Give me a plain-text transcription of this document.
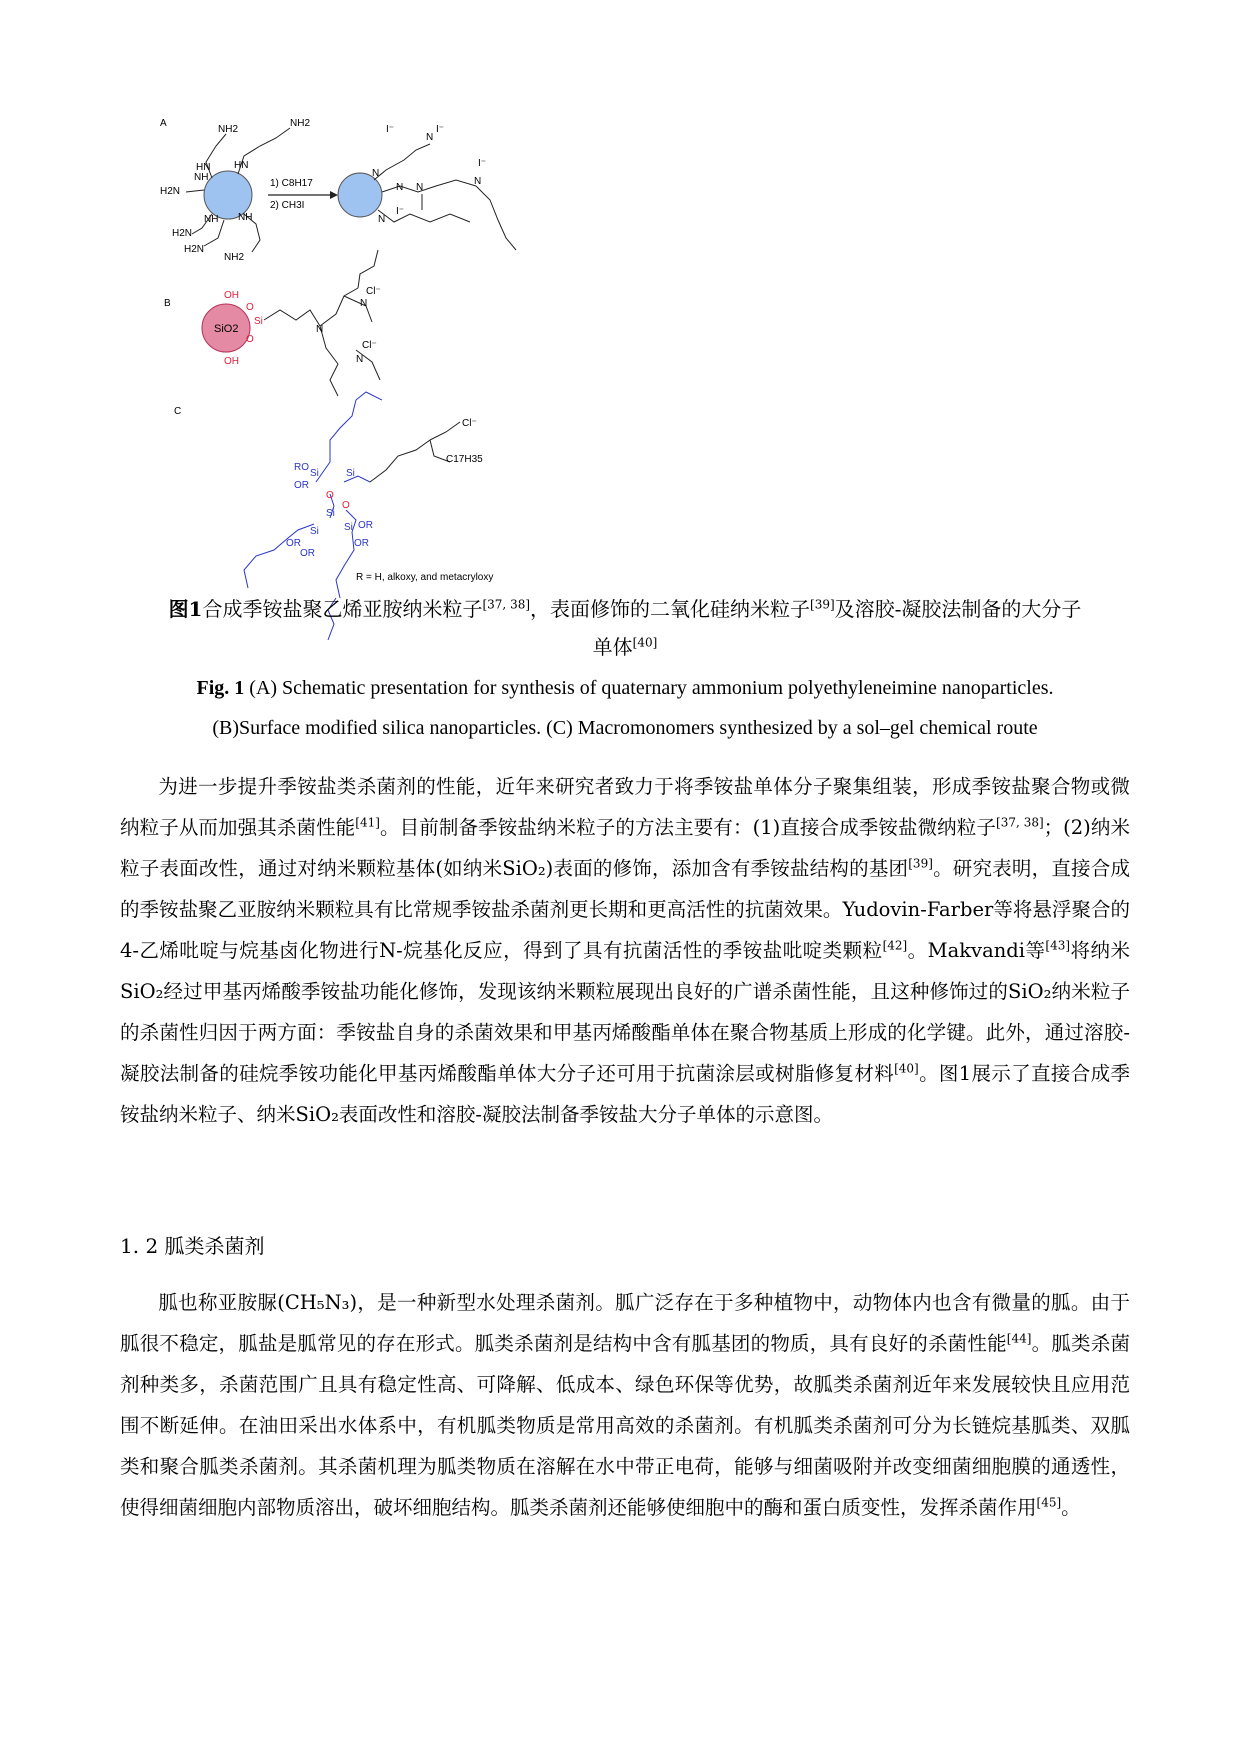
A
NH2
NH2
H2N
H2N
H2N
NH2
HN HN
NH
NH
NH
1) C8H17
2) CH3I
N
N N
N
N
N
I⁻	I⁻
I⁻
I⁻
B
SiO2
OH
OH
Si
O
O
N
N
N
Cl⁻
Cl⁻
C
RO
OR
Si	Si
O
Si
O
Si	Si
OR
OR
OR
OR
C17H35
Cl⁻
R = H, alkoxy, and metacryloxy
图1合成季铵盐聚乙烯亚胺纳米粒子[37, 38]，表面修饰的二氧化硅纳米粒子[39]及溶胶-凝胶法制备的大分子
单体[40]
Fig. 1 (A) Schematic presentation for synthesis of quaternary ammonium polyethyleneimine nanoparticles.
(B)Surface modified silica nanoparticles. (C) Macromonomers synthesized by a sol–gel chemical route
为进一步提升季铵盐类杀菌剂的性能，近年来研究者致力于将季铵盐单体分子聚集组装，形成季铵盐聚合物或微纳粒子从而加强其杀菌性能[41]。目前制备季铵盐纳米粒子的方法主要有：(1)直接合成季铵盐微纳粒子[37, 38]；(2)纳米粒子表面改性，通过对纳米颗粒基体(如纳米SiO₂)表面的修饰，添加含有季铵盐结构的基团[39]。研究表明，直接合成的季铵盐聚乙亚胺纳米颗粒具有比常规季铵盐杀菌剂更长期和更高活性的抗菌效果。Yudovin-Farber等将悬浮聚合的4-乙烯吡啶与烷基卤化物进行N-烷基化反应，得到了具有抗菌活性的季铵盐吡啶类颗粒[42]。Makvandi等[43]将纳米SiO₂经过甲基丙烯酸季铵盐功能化修饰，发现该纳米颗粒展现出良好的广谱杀菌性能，且这种修饰过的SiO₂纳米粒子的杀菌性归因于两方面：季铵盐自身的杀菌效果和甲基丙烯酸酯单体在聚合物基质上形成的化学键。此外，通过溶胶-凝胶法制备的硅烷季铵功能化甲基丙烯酸酯单体大分子还可用于抗菌涂层或树脂修复材料[40]。图1展示了直接合成季铵盐纳米粒子、纳米SiO₂表面改性和溶胶-凝胶法制备季铵盐大分子单体的示意图。
1. 2 胍类杀菌剂
胍也称亚胺脲(CH₅N₃)，是一种新型水处理杀菌剂。胍广泛存在于多种植物中，动物体内也含有微量的胍。由于胍很不稳定，胍盐是胍常见的存在形式。胍类杀菌剂是结构中含有胍基团的物质，具有良好的杀菌性能[44]。胍类杀菌剂种类多，杀菌范围广且具有稳定性高、可降解、低成本、绿色环保等优势，故胍类杀菌剂近年来发展较快且应用范围不断延伸。在油田采出水体系中，有机胍类物质是常用高效的杀菌剂。有机胍类杀菌剂可分为长链烷基胍类、双胍类和聚合胍类杀菌剂。其杀菌机理为胍类物质在溶解在水中带正电荷，能够与细菌吸附并改变细菌细胞膜的通透性，使得细菌细胞内部物质溶出，破坏细胞结构。胍类杀菌剂还能够使细胞中的酶和蛋白质变性，发挥杀菌作用[45]。
